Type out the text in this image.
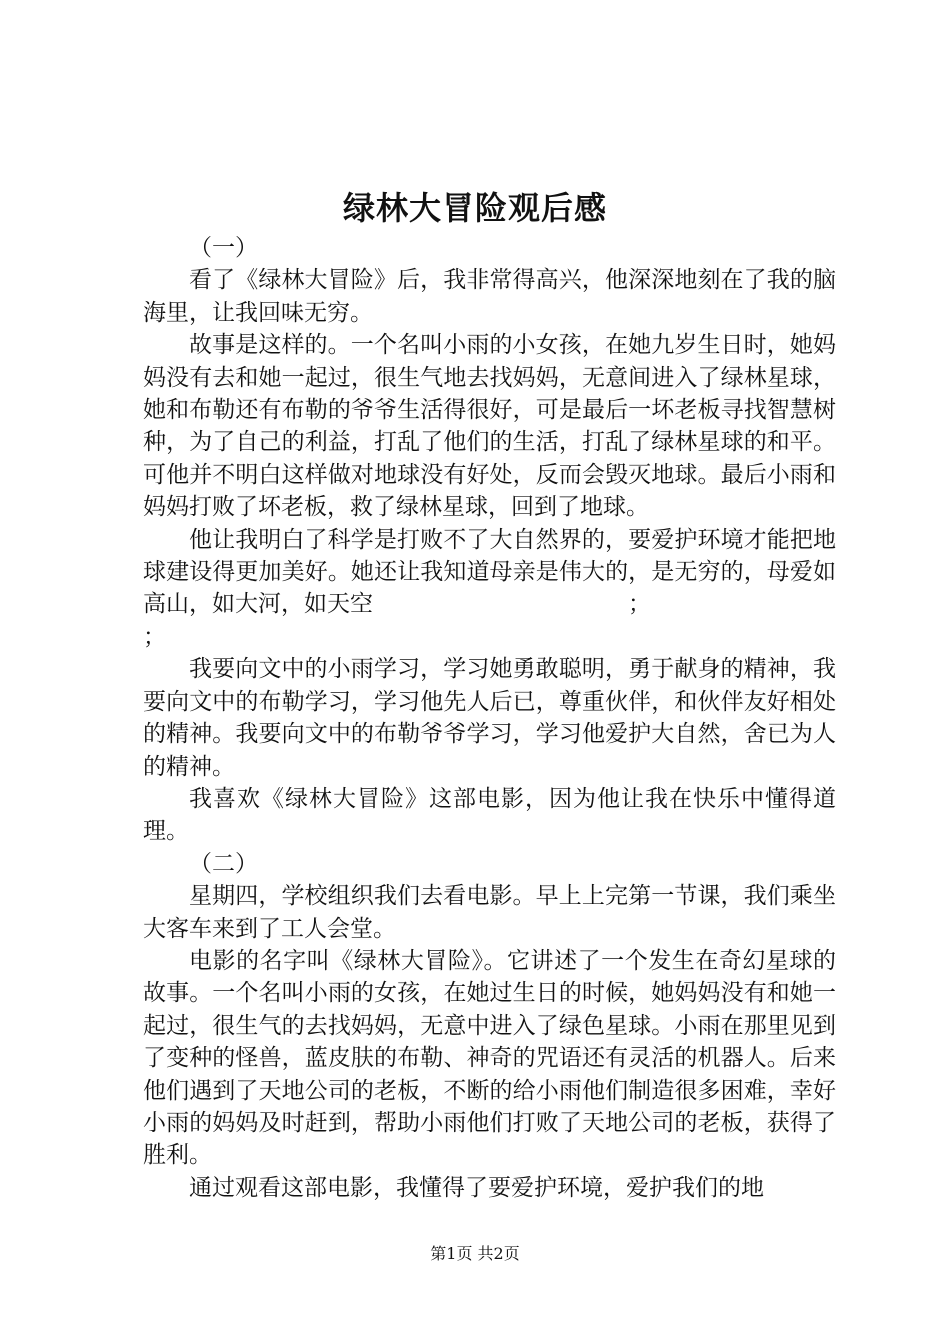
绿林大冒险观后感

（一）

看了《绿林大冒险》后，我非常得高兴，他深深地刻在了我的脑海里，让我回味无穷。

故事是这样的。一个名叫小雨的小女孩，在她九岁生日时，她妈妈没有去和她一起过，很生气地去找妈妈，无意间进入了绿林星球，她和布勒还有布勒的爷爷生活得很好，可是最后一坏老板寻找智慧树种，为了自己的利益，打乱了他们的生活，打乱了绿林星球的和平。可他并不明白这样做对地球没有好处，反而会毁灭地球。最后小雨和妈妈打败了坏老板，救了绿林星球，回到了地球。

他让我明白了科学是打败不了大自然界的，要爱护环境才能把地球建设得更加美好。她还让我知道母亲是伟大的，是无穷的，母爱如高山，如大河，如天空	；
；

我要向文中的小雨学习，学习她勇敢聪明，勇于献身的精神，我要向文中的布勒学习，学习他先人后已，尊重伙伴，和伙伴友好相处的精神。我要向文中的布勒爷爷学习，学习他爱护大自然，舍已为人的精神。

我喜欢《绿林大冒险》这部电影，因为他让我在快乐中懂得道理。

（二）

星期四，学校组织我们去看电影。早上上完第一节课，我们乘坐大客车来到了工人会堂。

电影的名字叫《绿林大冒险》。它讲述了一个发生在奇幻星球的故事。一个名叫小雨的女孩，在她过生日的时候，她妈妈没有和她一起过，很生气的去找妈妈，无意中进入了绿色星球。小雨在那里见到了变种的怪兽，蓝皮肤的布勒、神奇的咒语还有灵活的机器人。后来他们遇到了天地公司的老板，不断的给小雨他们制造很多困难，幸好小雨的妈妈及时赶到，帮助小雨他们打败了天地公司的老板，获得了胜利。

通过观看这部电影，我懂得了要爱护环境，爱护我们的地

第1页 共2页
